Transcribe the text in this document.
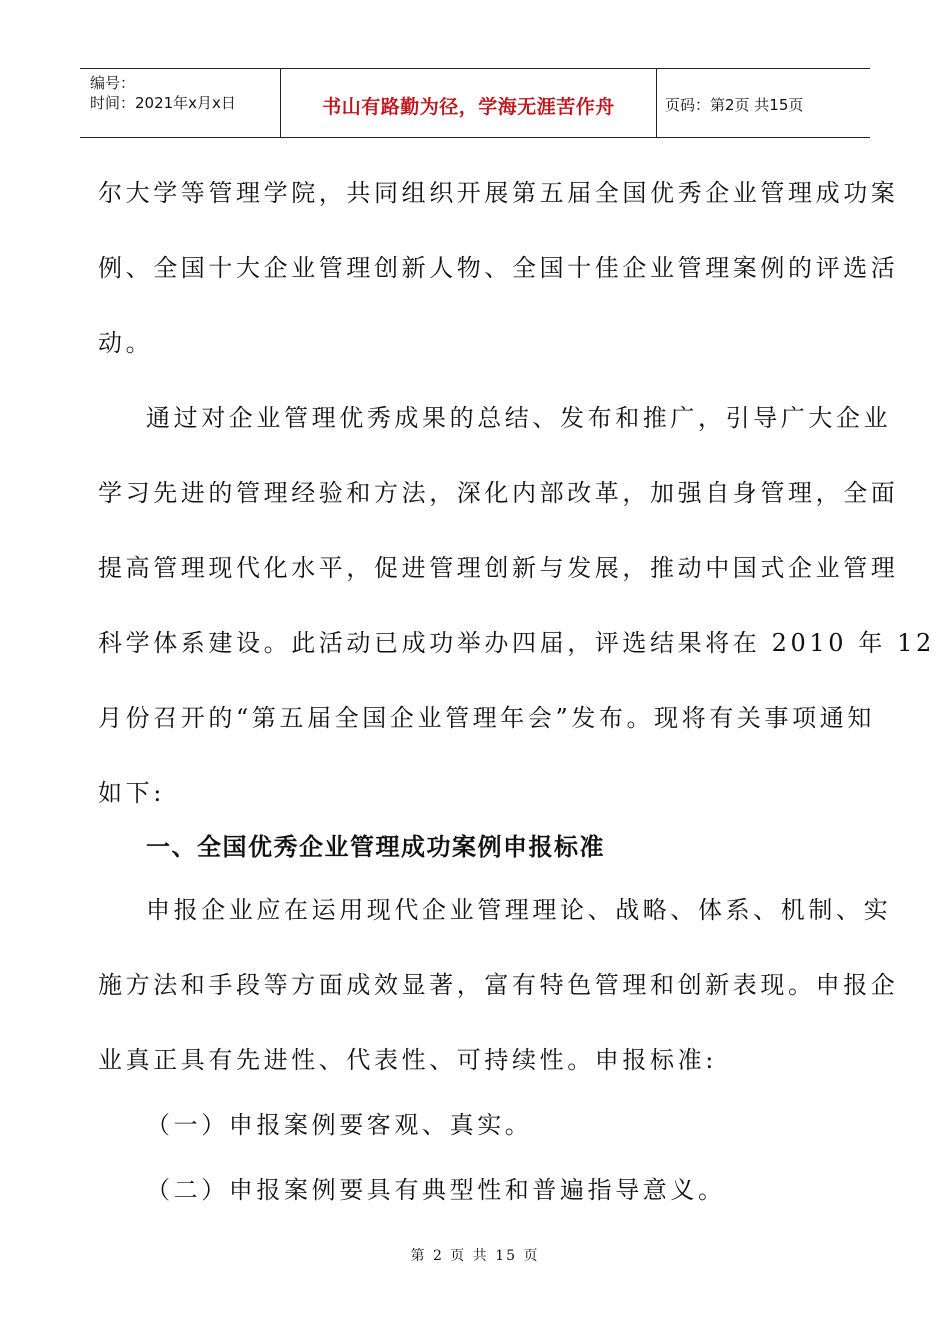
编号：
时间：2021年x月x日	书山有路勤为径，学海无涯苦作舟	页码：第2页 共15页
尔大学等管理学院，共同组织开展第五届全国优秀企业管理成功案
例、全国十大企业管理创新人物、全国十佳企业管理案例的评选活
动。
通过对企业管理优秀成果的总结、发布和推广，引导广大企业
学习先进的管理经验和方法，深化内部改革，加强自身管理，全面
提高管理现代化水平，促进管理创新与发展，推动中国式企业管理
科学体系建设。此活动已成功举办四届，评选结果将在 2010 年 12
月份召开的“第五届全国企业管理年会”发布。现将有关事项通知
如下:
一、全国优秀企业管理成功案例申报标准
申报企业应在运用现代企业管理理论、战略、体系、机制、实
施方法和手段等方面成效显著，富有特色管理和创新表现。申报企
业真正具有先进性、代表性、可持续性。申报标准:
（一）申报案例要客观、真实。
（二）申报案例要具有典型性和普遍指导意义。
第 2 页 共 15 页
